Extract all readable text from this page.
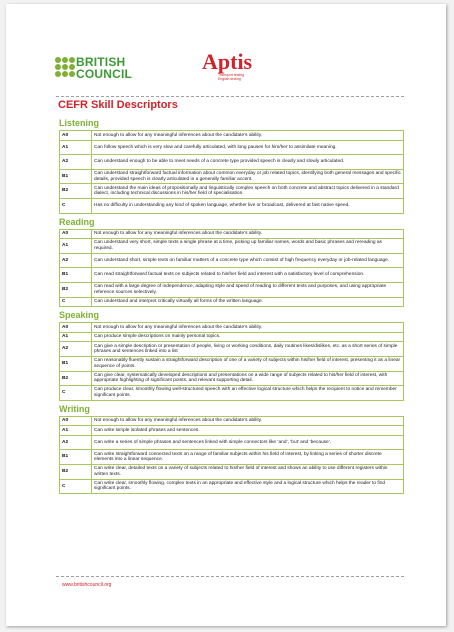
BRITISH
COUNCIL	Aptis
Transport testing
English testing
CEFR Skill Descriptors
Listening
A0	Not enough to allow for any meaningful inferences about the candidate’s ability.
A1	Can follow speech which is very slow and carefully articulated, with long pauses for him/her to assimilate meaning.
A2	Can understand enough to be able to meet needs of a concrete type provided speech is clearly and slowly articulated.
B1	Can understand straightforward factual information about common everyday or job related topics, identifying both general messages and specific details, provided speech is clearly articulated in a generally familiar accent.
B2	Can understand the main ideas of propositionally and linguistically complex speech on both concrete and abstract topics delivered in a standard dialect, including technical discussions in his/her field of specialisation.
C	Has no difficulty in understanding any kind of spoken language, whether live or broadcast, delivered at fast native speed.
Reading
A0	Not enough to allow for any meaningful inferences about the candidate’s ability.
A1	Can understand very short, simple texts a single phrase at a time, picking up familiar names, words and basic phrases and rereading as required.
A2	Can understand short, simple texts on familiar matters of a concrete type which consist of high frequency everyday or job-related language.
B1	Can read straightforward factual texts on subjects related to his/her field and interest with a satisfactory level of comprehension.
B2	Can read with a large degree of independence, adapting style and speed of reading to different texts and purposes, and using appropriate reference sources selectively.
C	Can understand and interpret critically virtually all forms of the written language.
Speaking
A0	Not enough to allow for any meaningful inferences about the candidate’s ability.
A1	Can produce simple descriptions on mainly personal topics.
A2	Can give a simple description or presentation of people, living or working conditions, daily routines likes/dislikes, etc. as a short series of simple phrases and sentences linked into a list
B1	Can reasonably fluently sustain a straightforward description of one of a variety of subjects within his/her field of interest, presenting it as a linear sequence of points.
B2	Can give clear, systematically developed descriptions and presentations on a wide range of subjects related to his/her field of interest, with appropriate highlighting of significant points, and relevant supporting detail.
C	Can produce clear, smoothly flowing well-structured speech with an effective logical structure which helps the recipient to notice and remember significant points.
Writing
A0	Not enough to allow for any meaningful inferences about the candidate’s ability.
A1	Can write simple isolated phrases and sentences.
A2	Can write a series of simple phrases and sentences linked with simple connectors like ‘and’, ‘but’ and ‘because’.
B1	Can write straightforward connected texts on a range of familiar subjects within his field of interest, by linking a series of shorter discrete elements into a linear sequence.
B2	Can write clear, detailed texts on a variety of subjects related to his/her field of interest and shows an ability to use different registers within written texts.
C	Can write clear, smoothly flowing, complex texts in an appropriate and effective style and a logical structure which helps the reader to find significant points.
www.britishcouncil.org
